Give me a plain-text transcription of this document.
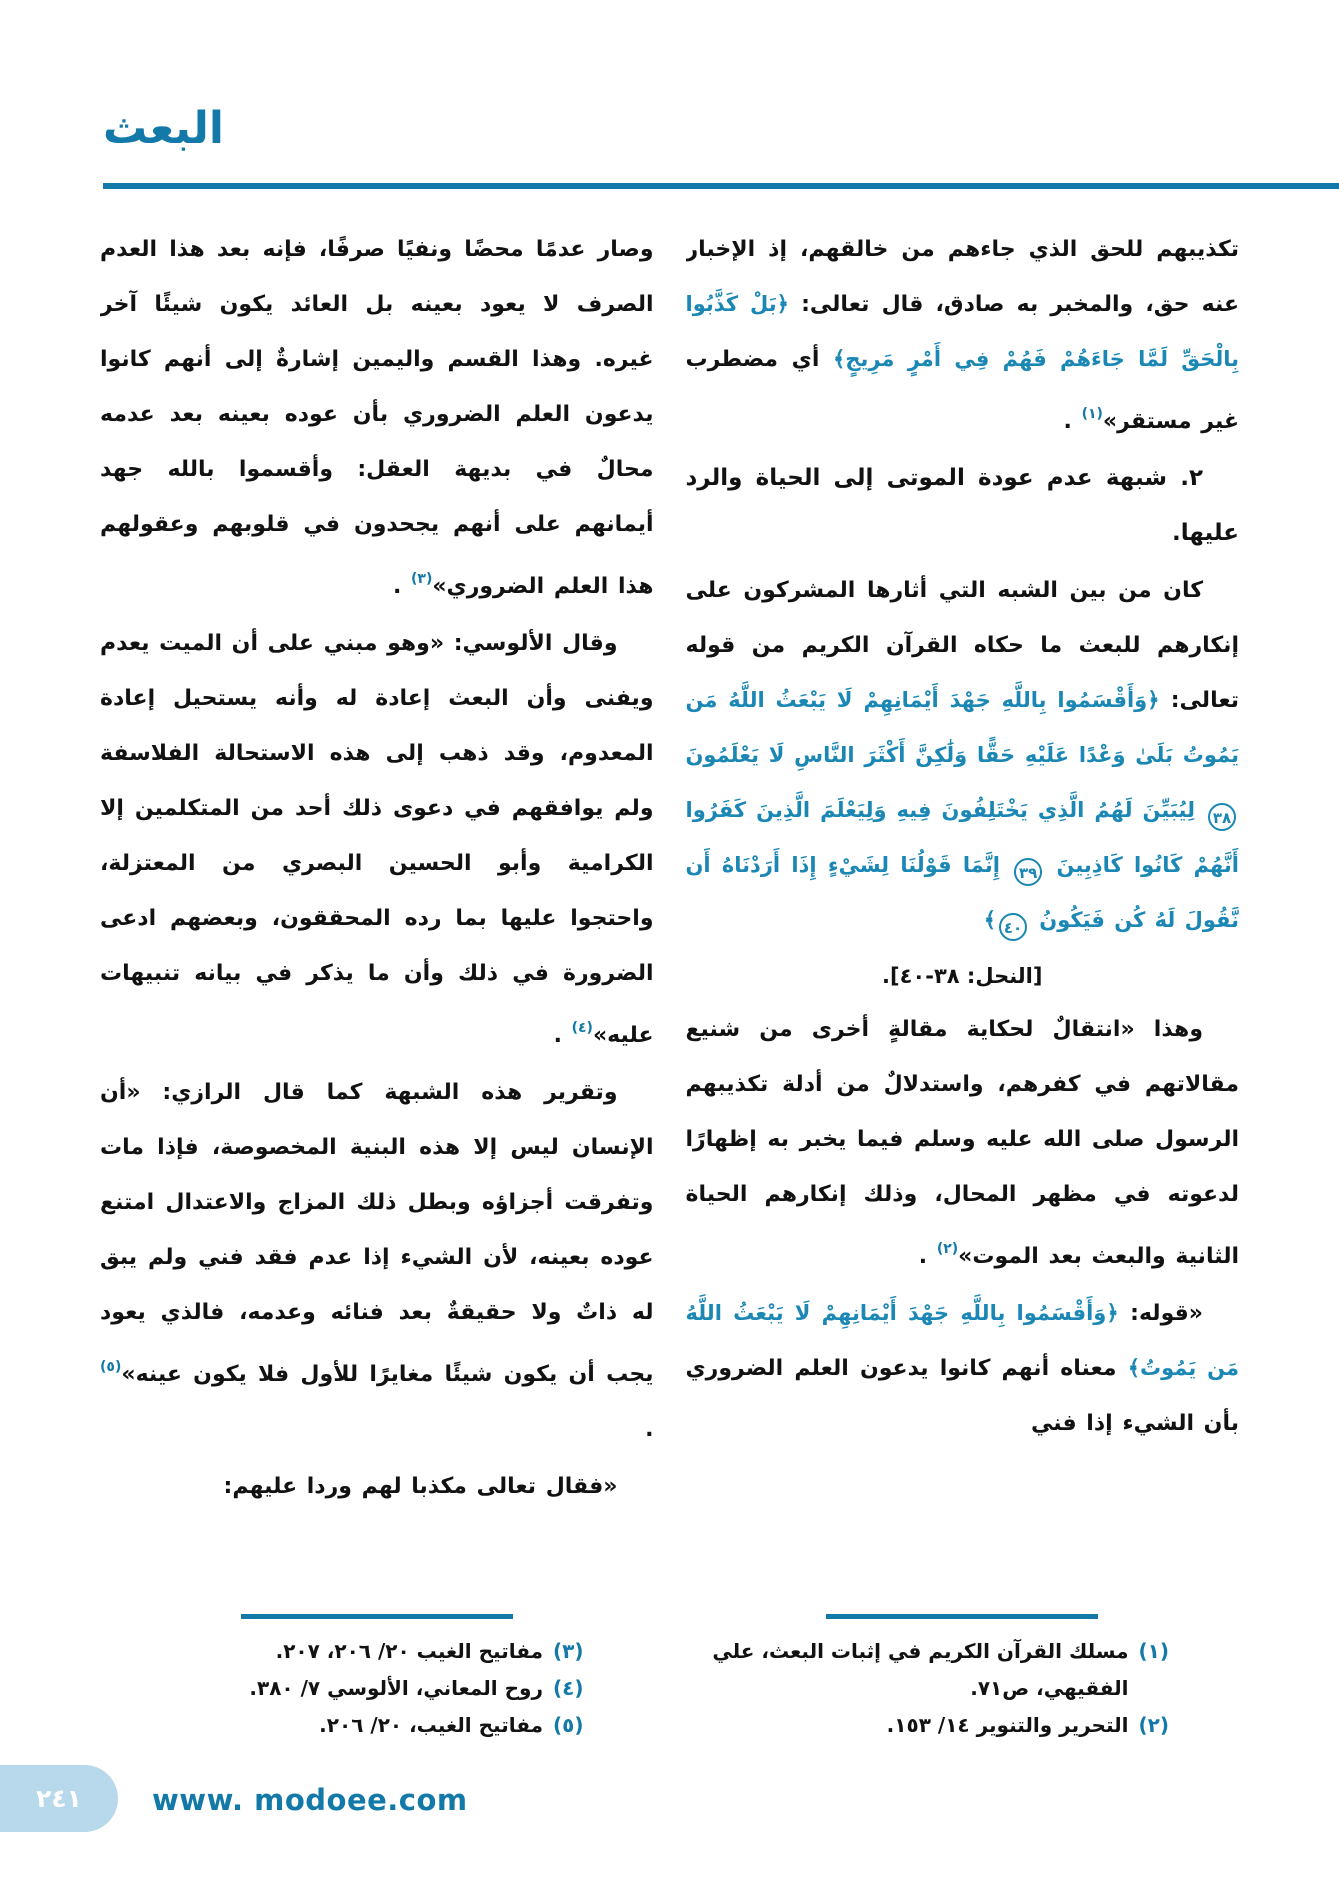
البعث

تكذيبهم للحق الذي جاءهم من خالقهم، إذ الإخبار عنه حق، والمخبر به صادق، قال تعالى: ﴿بَلْ كَذَّبُوا بِالْحَقِّ لَمَّا جَاءَهُمْ فَهُمْ فِي أَمْرٍ مَرِيجٍ﴾ أي مضطرب غير مستقر»$^{(١)}$ .

٢. شبهة عدم عودة الموتى إلى الحياة والرد عليها.

كان من بين الشبه التي أثارها المشركون على إنكارهم للبعث ما حكاه القرآن الكريم من قوله تعالى: ﴿وَأَقْسَمُوا بِاللَّهِ جَهْدَ أَيْمَانِهِمْ لَا يَبْعَثُ اللَّهُ مَن يَمُوتُ بَلَىٰ وَعْدًا عَلَيْهِ حَقًّا وَلَٰكِنَّ أَكْثَرَ النَّاسِ لَا يَعْلَمُونَ ٣٨ لِيُبَيِّنَ لَهُمُ الَّذِي يَخْتَلِفُونَ فِيهِ وَلِيَعْلَمَ الَّذِينَ كَفَرُوا أَنَّهُمْ كَانُوا كَاذِبِينَ ٣٩ إِنَّمَا قَوْلُنَا لِشَيْءٍ إِذَا أَرَدْنَاهُ أَن نَّقُولَ لَهُ كُن فَيَكُونُ ٤٠﴾

[النحل: ٣٨-٤٠].

وهذا «انتقالٌ لحكاية مقالةٍ أخرى من شنيع مقالاتهم في كفرهم، واستدلالٌ من أدلة تكذيبهم الرسول صلى الله عليه وسلم فيما يخبر به إظهارًا لدعوته في مظهر المحال، وذلك إنكارهم الحياة الثانية والبعث بعد الموت»$^{(٢)}$ .

«قوله: ﴿وَأَقْسَمُوا بِاللَّهِ جَهْدَ أَيْمَانِهِمْ لَا يَبْعَثُ اللَّهُ مَن يَمُوتُ﴾ معناه أنهم كانوا يدعون العلم الضروري بأن الشيء إذا فني

(١)
مسلك القرآن الكريم في إثبات البعث، علي الفقيهي، ص٧١.
(٢)
التحرير والتنوير ١٤/ ١٥٣.

وصار عدمًا محضًا ونفيًا صرفًا، فإنه بعد هذا العدم الصرف لا يعود بعينه بل العائد يكون شيئًا آخر غيره. وهذا القسم واليمين إشارةٌ إلى أنهم كانوا يدعون العلم الضروري بأن عوده بعينه بعد عدمه محالٌ في بديهة العقل: وأقسموا بالله جهد أيمانهم على أنهم يجحدون في قلوبهم وعقولهم هذا العلم الضروري»$^{(٣)}$ .

وقال الألوسي: «وهو مبني على أن الميت يعدم ويفنى وأن البعث إعادة له وأنه يستحيل إعادة المعدوم، وقد ذهب إلى هذه الاستحالة الفلاسفة ولم يوافقهم في دعوى ذلك أحد من المتكلمين إلا الكرامية وأبو الحسين البصري من المعتزلة، واحتجوا عليها بما رده المحققون، وبعضهم ادعى الضرورة في ذلك وأن ما يذكر في بيانه تنبيهات عليه»$^{(٤)}$ .

وتقرير هذه الشبهة كما قال الرازي: «أن الإنسان ليس إلا هذه البنية المخصوصة، فإذا مات وتفرقت أجزاؤه وبطل ذلك المزاج والاعتدال امتنع عوده بعينه، لأن الشيء إذا عدم فقد فني ولم يبق له ذاتٌ ولا حقيقةٌ بعد فنائه وعدمه، فالذي يعود يجب أن يكون شيئًا مغايرًا للأول فلا يكون عينه»$^{(٥)}$ .

«فقال تعالى مكذبا لهم وردا عليهم:

(٣)
مفاتيح الغيب ٢٠/ ٢٠٦، ٢٠٧.
(٤)
روح المعاني، الألوسي ٧/ ٣٨٠.
(٥)
مفاتيح الغيب، ٢٠/ ٢٠٦.
٢٤١ www. modoee.com
